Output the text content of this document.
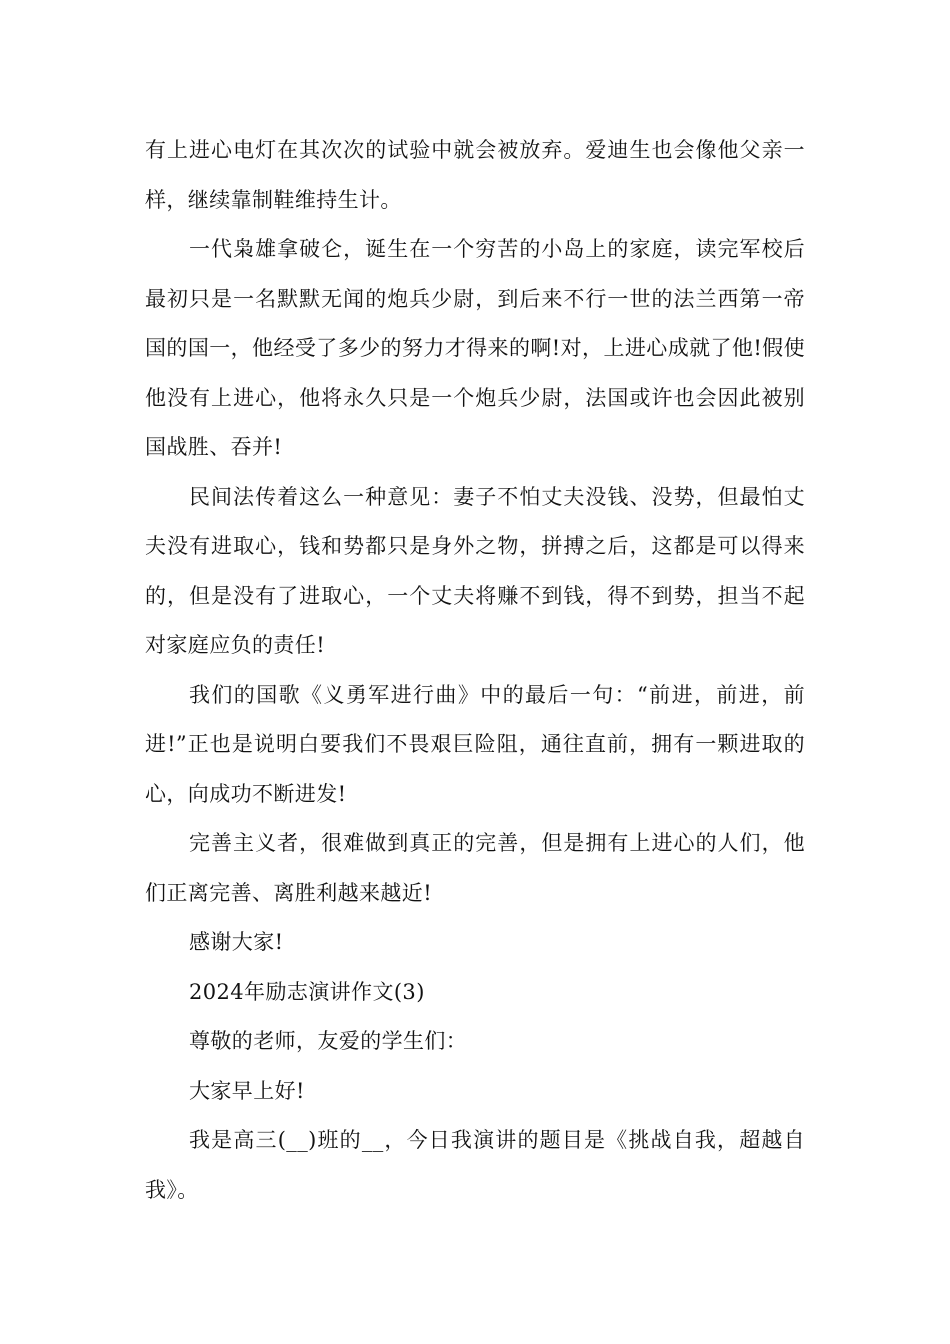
有上进心电灯在其次次的试验中就会被放弃。爱迪生也会像他父亲一样，继续靠制鞋维持生计。

一代枭雄拿破仑，诞生在一个穷苦的小岛上的家庭，读完军校后最初只是一名默默无闻的炮兵少尉，到后来不行一世的法兰西第一帝国的国一，他经受了多少的努力才得来的啊!对，上进心成就了他!假使他没有上进心，他将永久只是一个炮兵少尉，法国或许也会因此被别国战胜、吞并!

民间法传着这么一种意见：妻子不怕丈夫没钱、没势，但最怕丈夫没有进取心，钱和势都只是身外之物，拼搏之后，这都是可以得来的，但是没有了进取心，一个丈夫将赚不到钱，得不到势，担当不起对家庭应负的责任!

我们的国歌《义勇军进行曲》中的最后一句：“前进，前进，前进!”正也是说明白要我们不畏艰巨险阻，通往直前，拥有一颗进取的心，向成功不断进发!

完善主义者，很难做到真正的完善，但是拥有上进心的人们，他们正离完善、离胜利越来越近!

感谢大家!

2024年励志演讲作文(3)

尊敬的老师，友爱的学生们：

大家早上好!

我是高三(__)班的__，今日我演讲的题目是《挑战自我，超越自我》。
